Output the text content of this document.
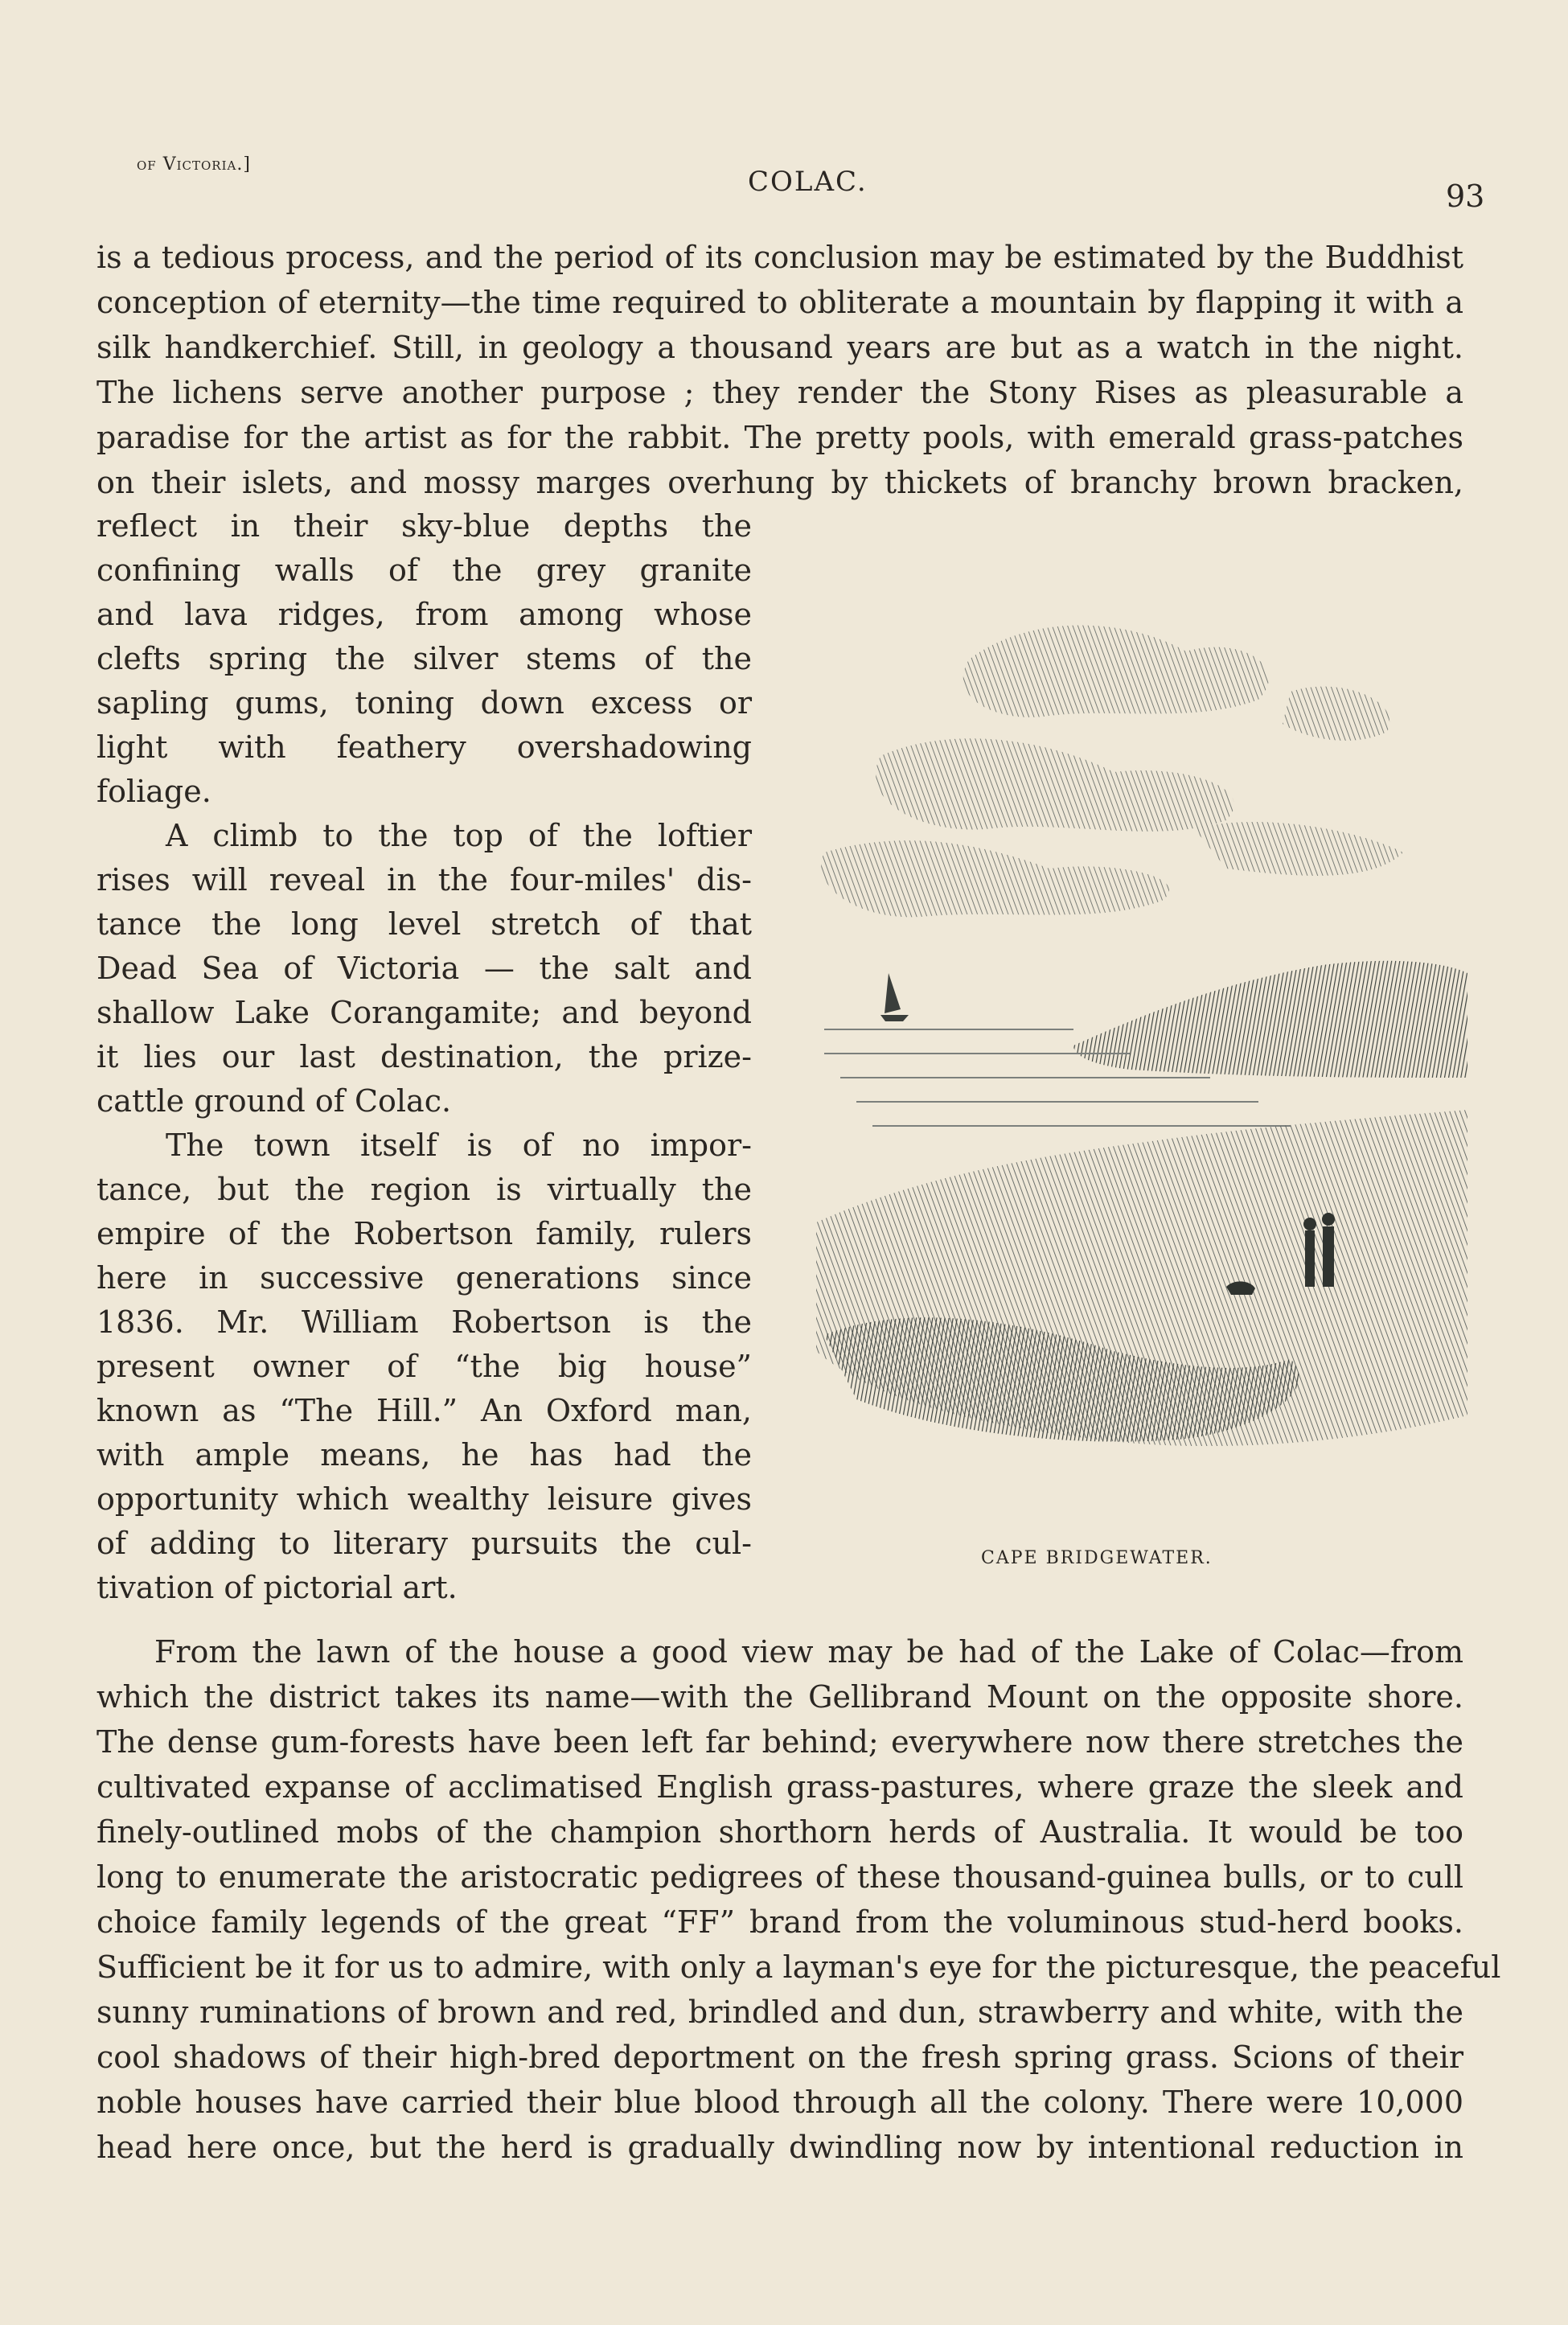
of Victoria.]
COLAC.	93
is a tedious process, and the period of its conclusion may be estimated by the Buddhist
conception of eternity—the time required to obliterate a mountain by flapping it with a
silk handkerchief. Still, in geology a thousand years are but as a watch in the night.
The lichens serve another purpose ; they render the Stony Rises as pleasurable a
paradise for the artist as for the rabbit. The pretty pools, with emerald grass-patches
on their islets, and mossy marges overhung by thickets of branchy brown bracken,
reflect in their sky-blue depths the
confining walls of the grey granite
and lava ridges, from among whose
clefts spring the silver stems of the
sapling gums, toning down excess or
light with feathery overshadowing
foliage.
A climb to the top of the loftier
rises will reveal in the four-miles' dis-
tance the long level stretch of that
Dead Sea of Victoria — the salt and
shallow Lake Corangamite; and beyond
it lies our last destination, the prize-
cattle ground of Colac.
The town itself is of no impor-
tance, but the region is virtually the
empire of the Robertson family, rulers
here in successive generations since
1836. Mr. William Robertson is the
present owner of “the big house”
known as “The Hill.” An Oxford man,
with ample means, he has had the
opportunity which wealthy leisure gives
of adding to literary pursuits the cul-
tivation of pictorial art.
CAPE BRIDGEWATER.
From the lawn of the house a good view may be had of the Lake of Colac—from
which the district takes its name—with the Gellibrand Mount on the opposite shore.
The dense gum-forests have been left far behind; everywhere now there stretches the
cultivated expanse of acclimatised English grass-pastures, where graze the sleek and
finely-outlined mobs of the champion shorthorn herds of Australia. It would be too
long to enumerate the aristocratic pedigrees of these thousand-guinea bulls, or to cull
choice family legends of the great “FF” brand from the voluminous stud-herd books.
Sufficient be it for us to admire, with only a layman's eye for the picturesque, the peaceful
sunny ruminations of brown and red, brindled and dun, strawberry and white, with the
cool shadows of their high-bred deportment on the fresh spring grass. Scions of their
noble houses have carried their blue blood through all the colony. There were 10,000
head here once, but the herd is gradually dwindling now by intentional reduction in
